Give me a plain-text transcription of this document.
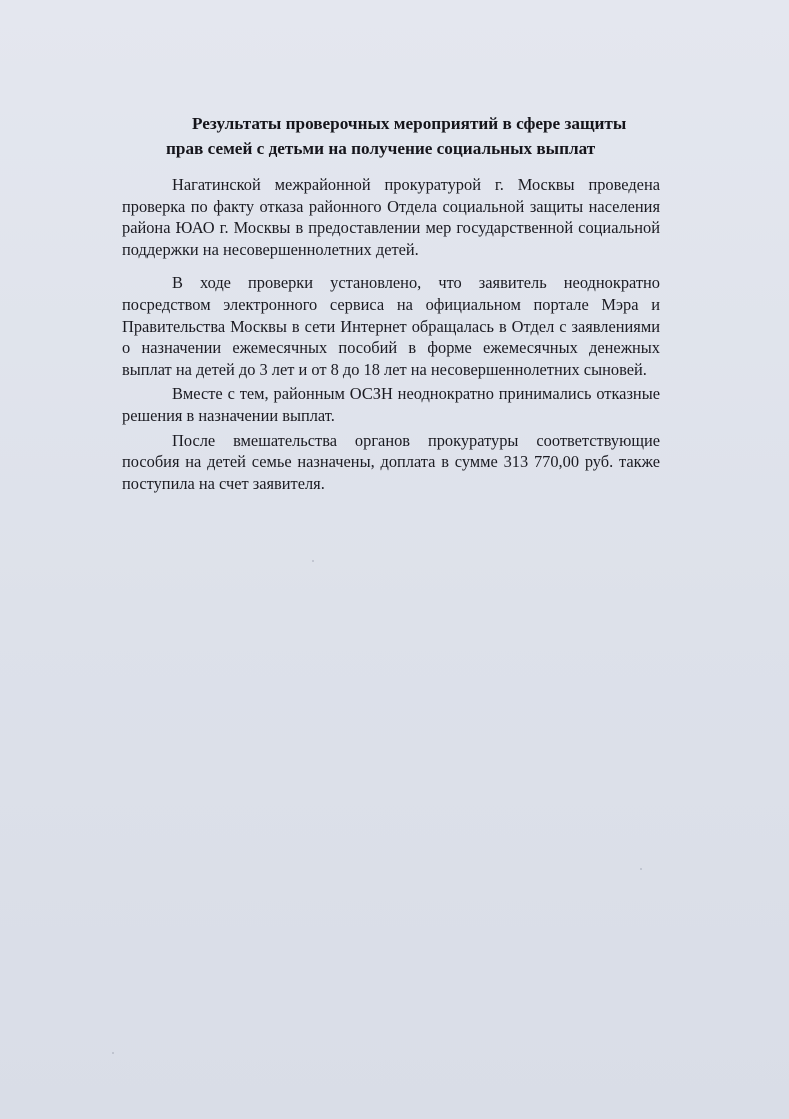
Результаты проверочных мероприятий в сфере защиты
прав семей с детьми на получение социальных выплат

Нагатинской межрайонной прокуратурой г. Москвы проведена проверка по факту отказа районного Отдела социальной защиты населения района ЮАО г. Москвы в предоставлении мер государственной социальной поддержки на несовершеннолетних детей.

В ходе проверки установлено, что заявитель неоднократно посредством электронного сервиса на официальном портале Мэра и Правительства Москвы в сети Интернет обращалась в Отдел с заявлениями о назначении ежемесячных пособий в форме ежемесячных денежных выплат на детей до 3 лет и от 8 до 18 лет на несовершеннолетних сыновей.

Вместе с тем, районным ОСЗН неоднократно принимались отказные решения в назначении выплат.

После вмешательства органов прокуратуры соответствующие пособия на детей семье назначены, доплата в сумме 313 770,00 руб. также поступила на счет заявителя.
